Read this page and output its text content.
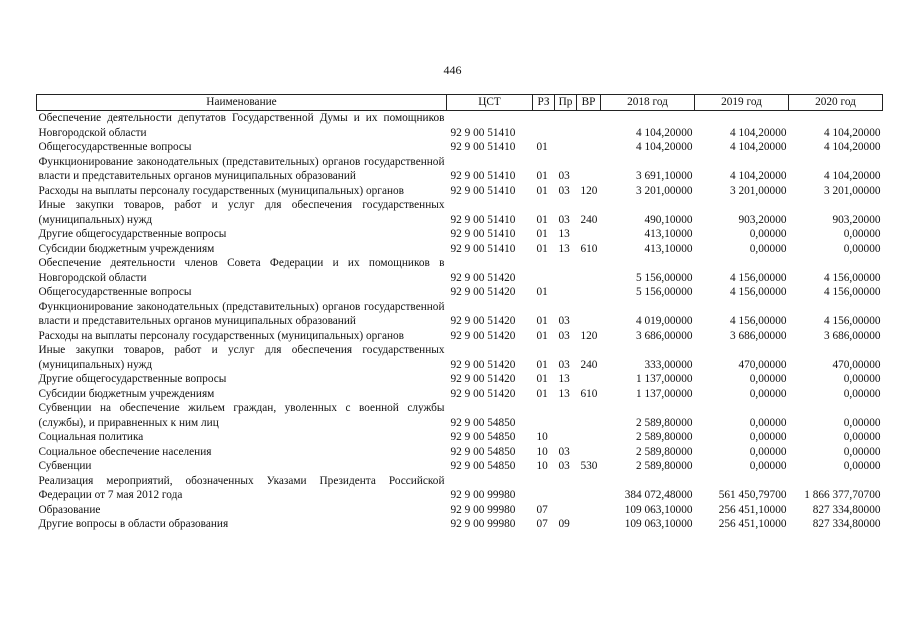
446
Наименование	ЦСТ	РЗ	Пр	ВР	2018 год	2019 год	2020 год
Обеспечение деятельности депутатов Государственной Думы и их помощников Новгородской области	92 9 00 51410				4 104,20000	4 104,20000	4 104,20000
Общегосударственные вопросы	92 9 00 51410	01			4 104,20000	4 104,20000	4 104,20000
Функционирование законодательных (представительных) органов государственной власти и представительных органов муниципальных образований	92 9 00 51410	01	03		3 691,10000	4 104,20000	4 104,20000
Расходы на выплаты персоналу государственных (муниципальных) органов	92 9 00 51410	01	03	120	3 201,00000	3 201,00000	3 201,00000
Иные закупки товаров, работ и услуг для обеспечения государственных (муниципальных) нужд	92 9 00 51410	01	03	240	490,10000	903,20000	903,20000
Другие общегосударственные вопросы	92 9 00 51410	01	13		413,10000	0,00000	0,00000
Субсидии бюджетным учреждениям	92 9 00 51410	01	13	610	413,10000	0,00000	0,00000
Обеспечение деятельности членов Совета Федерации и их помощников в Новгородской области	92 9 00 51420				5 156,00000	4 156,00000	4 156,00000
Общегосударственные вопросы	92 9 00 51420	01			5 156,00000	4 156,00000	4 156,00000
Функционирование законодательных (представительных) органов государственной власти и представительных органов муниципальных образований	92 9 00 51420	01	03		4 019,00000	4 156,00000	4 156,00000
Расходы на выплаты персоналу государственных (муниципальных) органов	92 9 00 51420	01	03	120	3 686,00000	3 686,00000	3 686,00000
Иные закупки товаров, работ и услуг для обеспечения государственных (муниципальных) нужд	92 9 00 51420	01	03	240	333,00000	470,00000	470,00000
Другие общегосударственные вопросы	92 9 00 51420	01	13		1 137,00000	0,00000	0,00000
Субсидии бюджетным учреждениям	92 9 00 51420	01	13	610	1 137,00000	0,00000	0,00000
Субвенции на обеспечение жильем граждан, уволенных с военной службы (службы), и приравненных к ним лиц	92 9 00 54850				2 589,80000	0,00000	0,00000
Социальная политика	92 9 00 54850	10			2 589,80000	0,00000	0,00000
Социальное обеспечение населения	92 9 00 54850	10	03		2 589,80000	0,00000	0,00000
Субвенции	92 9 00 54850	10	03	530	2 589,80000	0,00000	0,00000
Реализация мероприятий, обозначенных Указами Президента Российской Федерации от 7 мая 2012 года	92 9 00 99980				384 072,48000	561 450,79700	1 866 377,70700
Образование	92 9 00 99980	07			109 063,10000	256 451,10000	827 334,80000
Другие вопросы в области образования	92 9 00 99980	07	09		109 063,10000	256 451,10000	827 334,80000
